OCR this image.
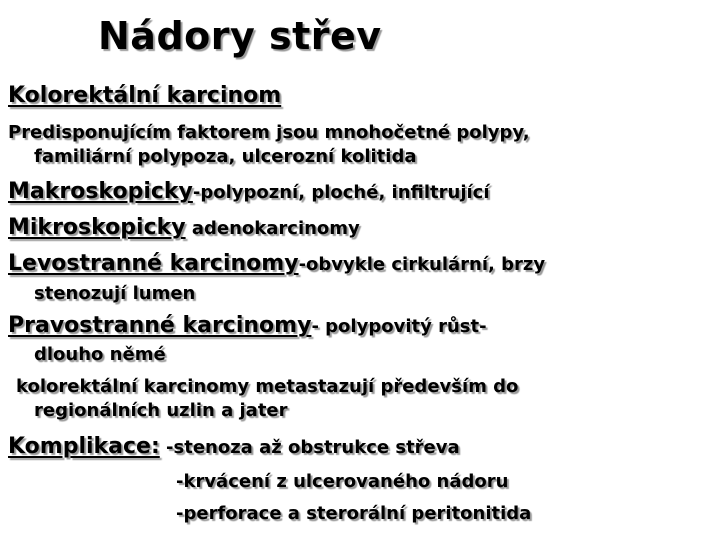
Nádory střev
Kolorektální karcinom
Predisponujícím faktorem jsou mnohočetné polypy,
familiární polypoza, ulcerozní kolitida
Makroskopicky-polypozní, ploché, infiltrující
Mikroskopicky adenokarcinomy
Levostranné karcinomy-obvykle cirkulární, brzy
stenozují lumen
Pravostranné karcinomy- polypovitý růst-
dlouho němé
kolorektální karcinomy metastazují především do
regionálních uzlin a jater
Komplikace: -stenoza až obstrukce střeva
-krvácení z ulcerovaného nádoru
-perforace a sterorální peritonitida
